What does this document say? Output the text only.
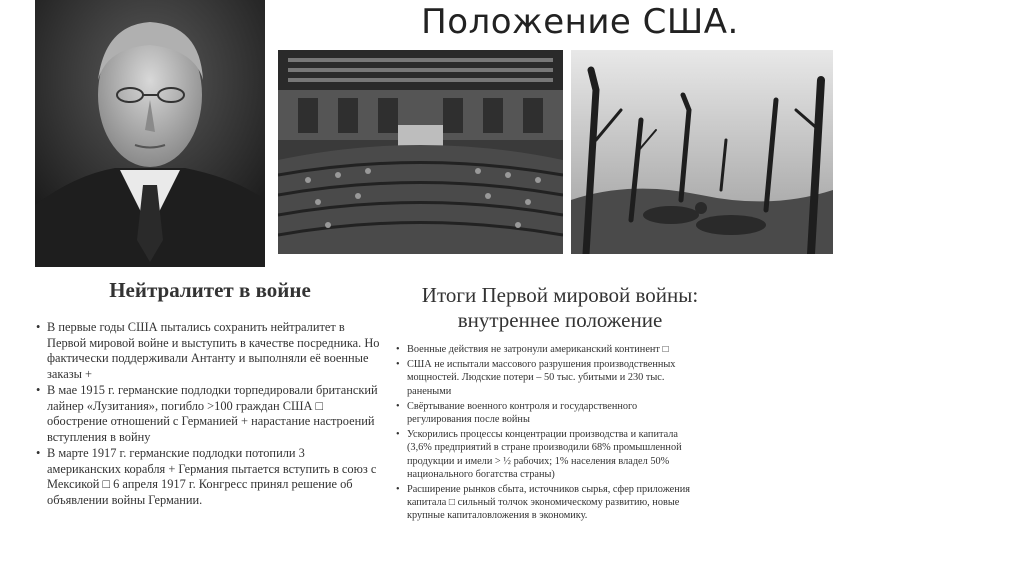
Положение США.
Нейтралитет в войне
• В первые годы США пытались сохранить нейтралитет в Первой мировой войне и выступить в качестве посредника. Но фактически поддерживали Антанту и выполняли её военные заказы +
• В мае 1915 г. германские подлодки торпедировали британский лайнер «Лузитания», погибло >100 граждан США □ обострение отношений с Германией + нарастание настроений вступления в войну
• В марте 1917 г. германские подлодки потопили 3 американских корабля + Германия пытается вступить в союз с Мексикой □ 6 апреля 1917 г. Конгресс принял решение об объявлении войны Германии.
Итоги Первой мировой войны:
внутреннее положение
• Военные действия не затронули американский континент □
• США не испытали массового разрушения производственных мощностей. Людские потери – 50 тыс. убитыми и 230 тыс. ранеными
• Свёртывание военного контроля и государственного регулирования после войны
• Ускорились процессы концентрации производства и капитала (3,6% предприятий в стране производили 68% промышленной продукции и имели > ½ рабочих; 1% населения владел 50% национального богатства страны)
• Расширение рынков сбыта, источников сырья, сфер приложения капитала □ сильный толчок экономическому развитию, новые крупные капиталовложения в экономику.
